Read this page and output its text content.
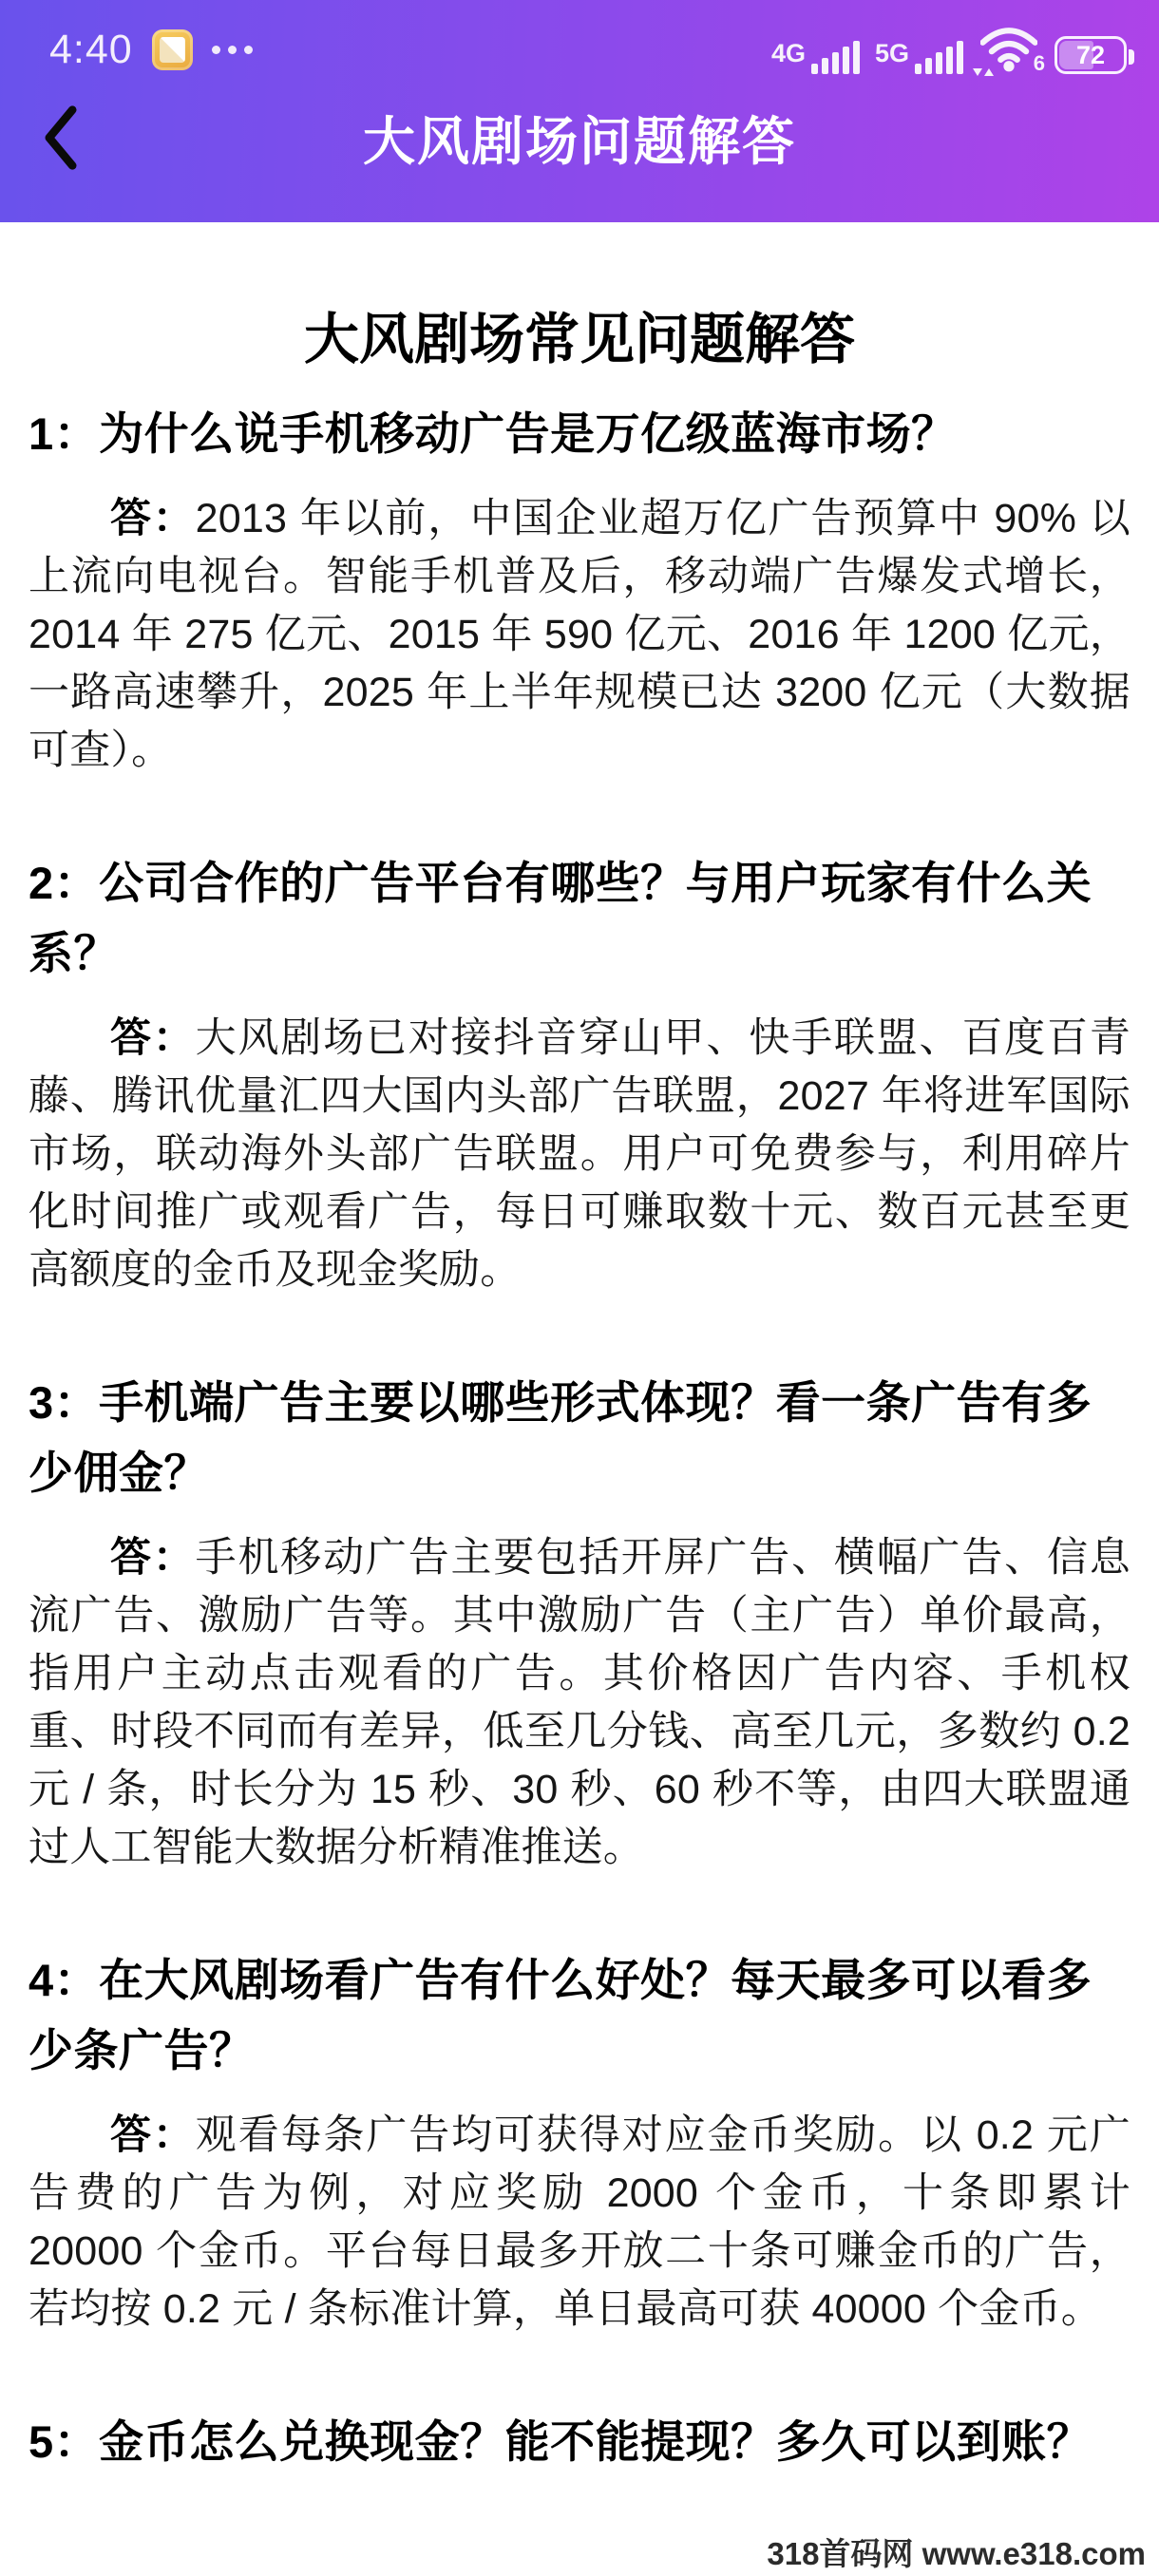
4:40	4G	5G	6 72
大风剧场问题解答
大风剧场常见问题解答
1：为什么说手机移动广告是万亿级蓝海市场？

答：2013 年以前，中国企业超万亿广告预算中 90% 以上流向电视台。智能手机普及后，移动端广告爆发式增长，2014 年 275 亿元、2015 年 590 亿元、2016 年 1200 亿元，一路高速攀升，2025 年上半年规模已达 3200 亿元（大数据可查）。

2：公司合作的广告平台有哪些？与用户玩家有什么关系？

答：大风剧场已对接抖音穿山甲、快手联盟、百度百青藤、腾讯优量汇四大国内头部广告联盟，2027 年将进军国际市场，联动海外头部广告联盟。用户可免费参与，利用碎片化时间推广或观看广告，每日可赚取数十元、数百元甚至更高额度的金币及现金奖励。

3：手机端广告主要以哪些形式体现？看一条广告有多少佣金？

答：手机移动广告主要包括开屏广告、横幅广告、信息流广告、激励广告等。其中激励广告（主广告）单价最高，指用户主动点击观看的广告。其价格因广告内容、手机权重、时段不同而有差异，低至几分钱、高至几元，多数约 0.2 元 / 条，时长分为 15 秒、30 秒、60 秒不等，由四大联盟通过人工智能大数据分析精准推送。

4：在大风剧场看广告有什么好处？每天最多可以看多少条广告？

答：观看每条广告均可获得对应金币奖励。以 0.2 元广告费的广告为例，对应奖励 2000 个金币，十条即累计 20000 个金币。平台每日最多开放二十条可赚金币的广告，若均按 0.2 元 / 条标准计算，单日最高可获 40000 个金币。

5：金币怎么兑换现金？能不能提现？多久可以到账？
318首码网 www.e318.com
